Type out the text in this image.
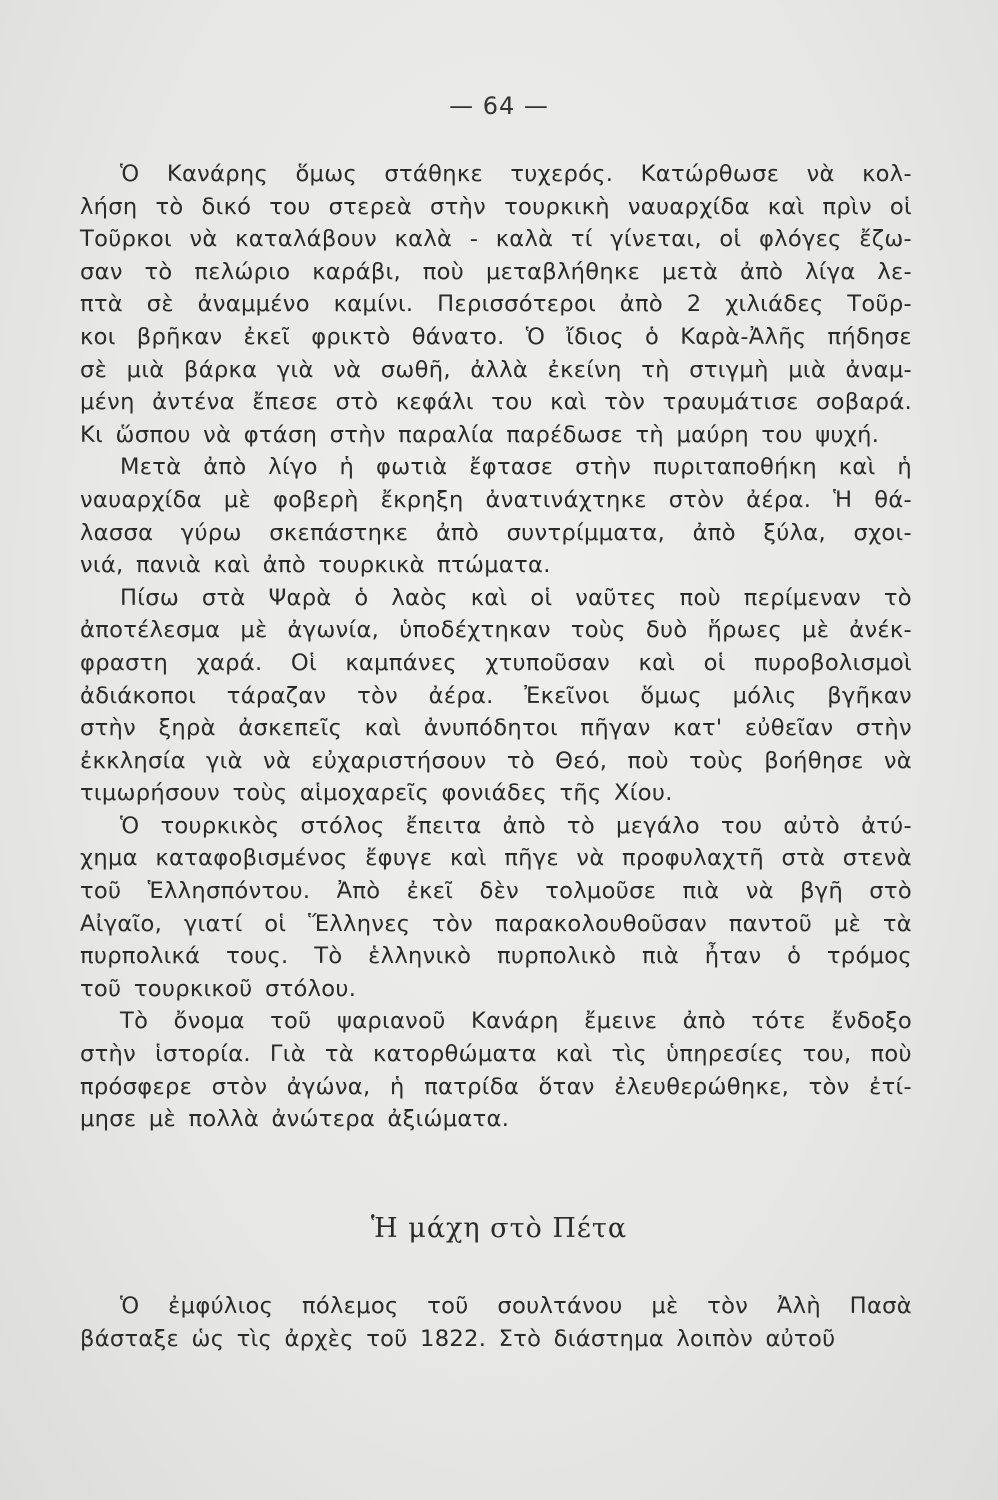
— 64 —
Ὁ Κανάρης ὅμως στάθηκε τυχερός. Κατώρθωσε νὰ κολ-
λήση τὸ δικό του στερεὰ στὴν τουρκικὴ ναυαρχίδα καὶ πρὶν οἱ
Τοῦρκοι νὰ καταλάβουν καλὰ - καλὰ τί γίνεται, οἱ φλόγες ἔζω-
σαν τὸ πελώριο καράβι, ποὺ μεταβλήθηκε μετὰ ἀπὸ λίγα λε-
πτὰ σὲ ἀναμμένο καμίνι. Περισσότεροι ἀπὸ 2 χιλιάδες Τοῦρ-
κοι βρῆκαν ἐκεῖ φρικτὸ θάνατο. Ὁ ἴδιος ὁ Καρὰ-Ἀλῆς πήδησε
σὲ μιὰ βάρκα γιὰ νὰ σωθῆ, ἀλλὰ ἐκείνη τὴ στιγμὴ μιὰ ἀναμ-
μένη ἀντένα ἔπεσε στὸ κεφάλι του καὶ τὸν τραυμάτισε σοβαρά.
Κι ὥσπου νὰ φτάση στὴν παραλία παρέδωσε τὴ μαύρη του ψυχή.
Μετὰ ἀπὸ λίγο ἡ φωτιὰ ἔφτασε στὴν πυριταποθήκη καὶ ἡ
ναυαρχίδα μὲ φοβερὴ ἔκρηξη ἀνατινάχτηκε στὸν ἀέρα. Ἡ θά-
λασσα γύρω σκεπάστηκε ἀπὸ συντρίμματα, ἀπὸ ξύλα, σχοι-
νιά, πανιὰ καὶ ἀπὸ τουρκικὰ πτώματα.
Πίσω στὰ Ψαρὰ ὁ λαὸς καὶ οἱ ναῦτες ποὺ περίμεναν τὸ
ἀποτέλεσμα μὲ ἀγωνία, ὑποδέχτηκαν τοὺς δυὸ ἥρωες μὲ ἀνέκ-
φραστη χαρά. Οἱ καμπάνες χτυποῦσαν καὶ οἱ πυροβολισμοὶ
ἀδιάκοποι τάραζαν τὸν ἀέρα. Ἐκεῖνοι ὅμως μόλις βγῆκαν
στὴν ξηρὰ ἀσκεπεῖς καὶ ἀνυπόδητοι πῆγαν κατ' εὐθεῖαν στὴν
ἐκκλησία γιὰ νὰ εὐχαριστήσουν τὸ Θεό, ποὺ τοὺς βοήθησε νὰ
τιμωρήσουν τοὺς αἱμοχαρεῖς φονιάδες τῆς Χίου.
Ὁ τουρκικὸς στόλος ἔπειτα ἀπὸ τὸ μεγάλο του αὐτὸ ἀτύ-
χημα καταφοβισμένος ἔφυγε καὶ πῆγε νὰ προφυλαχτῆ στὰ στενὰ
τοῦ Ἑλλησπόντου. Ἀπὸ ἐκεῖ δὲν τολμοῦσε πιὰ νὰ βγῆ στὸ
Αἰγαῖο, γιατί οἱ Ἕλληνες τὸν παρακολουθοῦσαν παντοῦ μὲ τὰ
πυρπολικά τους. Τὸ ἑλληνικὸ πυρπολικὸ πιὰ ἦταν ὁ τρόμος
τοῦ τουρκικοῦ στόλου.
Τὸ ὄνομα τοῦ ψαριανοῦ Κανάρη ἔμεινε ἀπὸ τότε ἔνδοξο
στὴν ἱστορία. Γιὰ τὰ κατορθώματα καὶ τὶς ὑπηρεσίες του, ποὺ
πρόσφερε στὸν ἀγώνα, ἡ πατρίδα ὅταν ἐλευθερώθηκε, τὸν ἐτί-
μησε μὲ πολλὰ ἀνώτερα ἀξιώματα.
Ἡ μάχη στὸ Πέτα
Ὁ ἐμφύλιος πόλεμος τοῦ σουλτάνου μὲ τὸν Ἀλὴ Πασὰ
βάσταξε ὡς τὶς ἀρχὲς τοῦ 1822. Στὸ διάστημα λοιπὸν αὐτοῦ
